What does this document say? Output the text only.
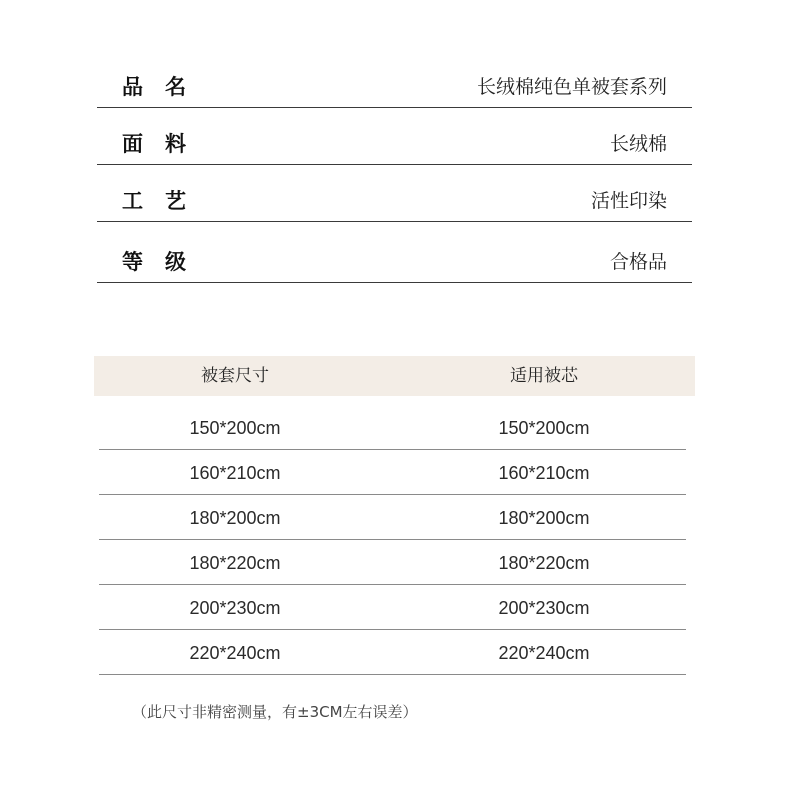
品名	长绒棉纯色单被套系列
面料	长绒棉
工艺	活性印染
等级	合格品
被套尺寸	适用被芯
150*200cm	150*200cm
160*210cm	160*210cm
180*200cm	180*200cm
180*220cm	180*220cm
200*230cm	200*230cm
220*240cm	220*240cm
（此尺寸非精密测量，有±3CM左右误差）
